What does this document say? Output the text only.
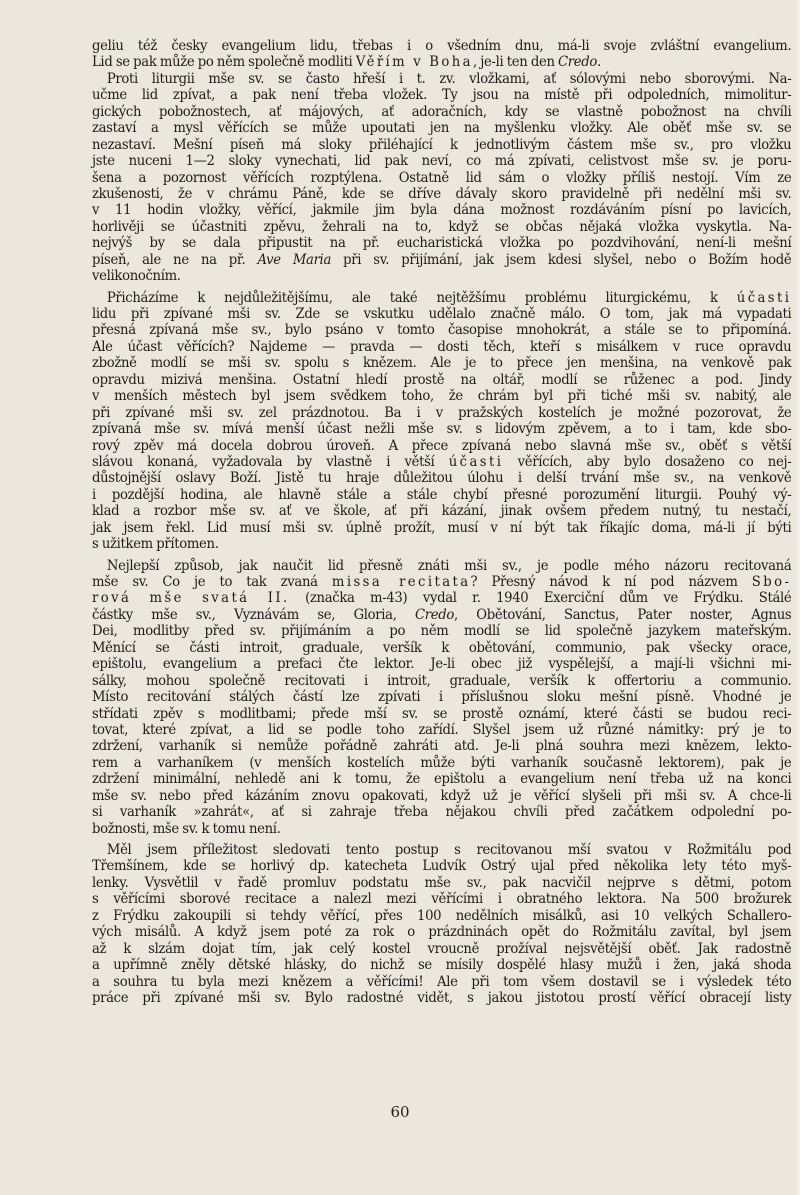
geliu též česky evangelium lidu, třebas i o všedním dnu, má-li svoje zvláštní evangelium.
Lid se pak může po něm společně modliti Věřím v Boha, je-li ten den Credo.
Proti liturgii mše sv. se často hřeší i t. zv. vložkami, ať sólovými nebo sborovými. Na-
učme lid zpívat, a pak není třeba vložek. Ty jsou na místě při odpoledních, mimolitur-
gických pobožnostech, ať májových, ať adoračních, kdy se vlastně pobožnost na chvíli
zastaví a mysl věřících se může upoutati jen na myšlenku vložky. Ale oběť mše sv. se
nezastaví. Mešní píseň má sloky přiléhající k jednotlivým částem mše sv., pro vložku
jste nuceni 1—2 sloky vynechati, lid pak neví, co má zpívati, celistvost mše sv. je poru-
šena a pozornost věřících rozptýlena. Ostatně lid sám o vložky příliš nestojí. Vím ze
zkušenosti, že v chrámu Páně, kde se dříve dávaly skoro pravidelně při nedělní mši sv.
v 11 hodin vložky, věřící, jakmile jim byla dána možnost rozdáváním písní po lavicích,
horlivěji se účastniti zpěvu, žehrali na to, když se občas nějaká vložka vyskytla. Na-
nejvýš by se dala připustit na př. eucharistická vložka po pozdvihování, není-li mešní
píseň, ale ne na př. Ave Maria při sv. přijímání, jak jsem kdesi slyšel, nebo o Božím hodě
velikonočním.
Přicházíme k nejdůležitějšímu, ale také nejtěžšímu problému liturgickému, k účasti
lidu při zpívané mši sv. Zde se vskutku udělalo značně málo. O tom, jak má vypadati
přesná zpívaná mše sv., bylo psáno v tomto časopise mnohokrát, a stále se to připomíná.
Ale účast věřících? Najdeme — pravda — dosti těch, kteří s misálkem v ruce opravdu
zbožně modlí se mši sv. spolu s knězem. Ale je to přece jen menšina, na venkově pak
opravdu mizivá menšina. Ostatní hledí prostě na oltář, modlí se růženec a pod. Jindy
v menších městech byl jsem svědkem toho, že chrám byl při tiché mši sv. nabitý, ale
při zpívané mši sv. zel prázdnotou. Ba i v pražských kostelích je možné pozorovat, že
zpívaná mše sv. mívá menší účast nežli mše sv. s lidovým zpěvem, a to i tam, kde sbo-
rový zpěv má docela dobrou úroveň. A přece zpívaná nebo slavná mše sv., oběť s větší
slávou konaná, vyžadovala by vlastně i větší účasti věřících, aby bylo dosaženo co nej-
důstojnější oslavy Boží. Jistě tu hraje důležitou úlohu i delší trvání mše sv., na venkově
i pozdější hodina, ale hlavně stále a stále chybí přesné porozumění liturgii. Pouhý vý-
klad a rozbor mše sv. ať ve škole, ať při kázání, jinak ovšem předem nutný, tu nestačí,
jak jsem řekl. Lid musí mši sv. úplně prožít, musí v ní být tak říkajíc doma, má-li jí býti
s užitkem přítomen.
Nejlepší způsob, jak naučit lid přesně znáti mši sv., je podle mého názoru recitovaná
mše sv. Co je to tak zvaná missa recitata? Přesný návod k ní pod názvem Sbo-
rová mše svatá II. (značka m-43) vydal r. 1940 Exerciční dům ve Frýdku. Stálé
částky mše sv., Vyznávám se, Gloria, Credo, Obětování, Sanctus, Pater noster, Agnus
Dei, modlitby před sv. přijímáním a po něm modlí se lid společně jazykem mateřským.
Měnící se části introit, graduale, veršík k obětování, communio, pak všecky orace,
epištolu, evangelium a prefaci čte lektor. Je-li obec již vyspělejší, a mají-li všichni mi-
sálky, mohou společně recitovati i introit, graduale, veršík k offertoriu a communio.
Místo recitování stálých částí lze zpívati i příslušnou sloku mešní písně. Vhodné je
střídati zpěv s modlitbami; přede mší sv. se prostě oznámí, které části se budou reci-
tovat, které zpívat, a lid se podle toho zařídí. Slyšel jsem už různé námitky: prý je to
zdržení, varhaník si nemůže pořádně zahráti atd. Je-li plná souhra mezi knězem, lekto-
rem a varhaníkem (v menších kostelích může býti varhaník současně lektorem), pak je
zdržení minimální, nehledě ani k tomu, že epištolu a evangelium není třeba už na konci
mše sv. nebo před kázáním znovu opakovati, když už je věřící slyšeli při mši sv. A chce-li
si varhaník »zahrát«, ať si zahraje třeba nějakou chvíli před začátkem odpolední po-
božnosti, mše sv. k tomu není.
Měl jsem příležitost sledovati tento postup s recitovanou mší svatou v Rožmitálu pod
Třemšínem, kde se horlivý dp. katecheta Ludvík Ostrý ujal před několika lety této myš-
lenky. Vysvětlil v řadě promluv podstatu mše sv., pak nacvičil nejprve s dětmi, potom
s věřícími sborové recitace a nalezl mezi věřícími i obratného lektora. Na 500 brožurek
z Frýdku zakoupili si tehdy věřící, přes 100 nedělních misálků, asi 10 velkých Schallero-
vých misálů. A když jsem poté za rok o prázdninách opět do Rožmitálu zavítal, byl jsem
až k slzám dojat tím, jak celý kostel vroucně prožíval nejsvětější oběť. Jak radostně
a upřímně zněly dětské hlásky, do nichž se mísily dospělé hlasy mužů i žen, jaká shoda
a souhra tu byla mezi knězem a věřícími! Ale při tom všem dostavil se i výsledek této
práce při zpívané mši sv. Bylo radostné vidět, s jakou jistotou prostí věřící obracejí listy
60
